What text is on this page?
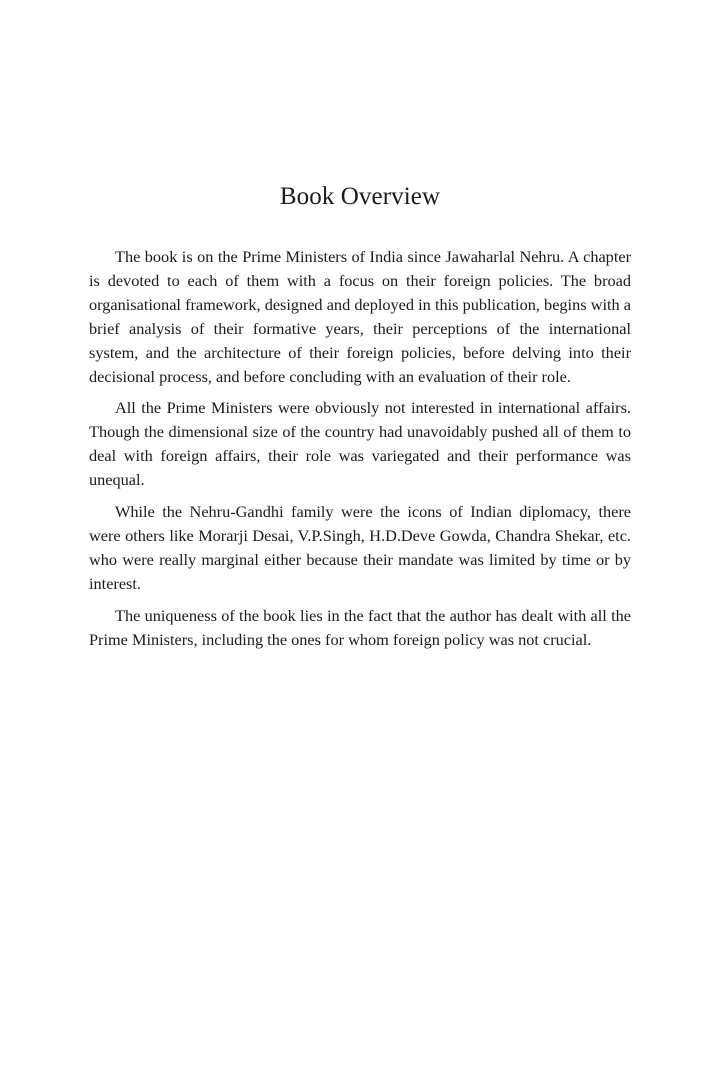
Book Overview

The book is on the Prime Ministers of India since Jawaharlal Nehru. A chapter is devoted to each of them with a focus on their foreign policies. The broad organisational framework, designed and deployed in this publication, begins with a brief analysis of their formative years, their perceptions of the international system, and the architecture of their foreign policies, before delving into their decisional process, and before concluding with an evaluation of their role.

All the Prime Ministers were obviously not interested in international affairs. Though the dimensional size of the country had unavoidably pushed all of them to deal with foreign affairs, their role was variegated and their performance was unequal.

While the Nehru-Gandhi family were the icons of Indian diplomacy, there were others like Morarji Desai, V.P.Singh, H.D.Deve Gowda, Chandra Shekar, etc. who were really marginal either because their mandate was limited by time or by interest.

The uniqueness of the book lies in the fact that the author has dealt with all the Prime Ministers, including the ones for whom foreign policy was not crucial.
